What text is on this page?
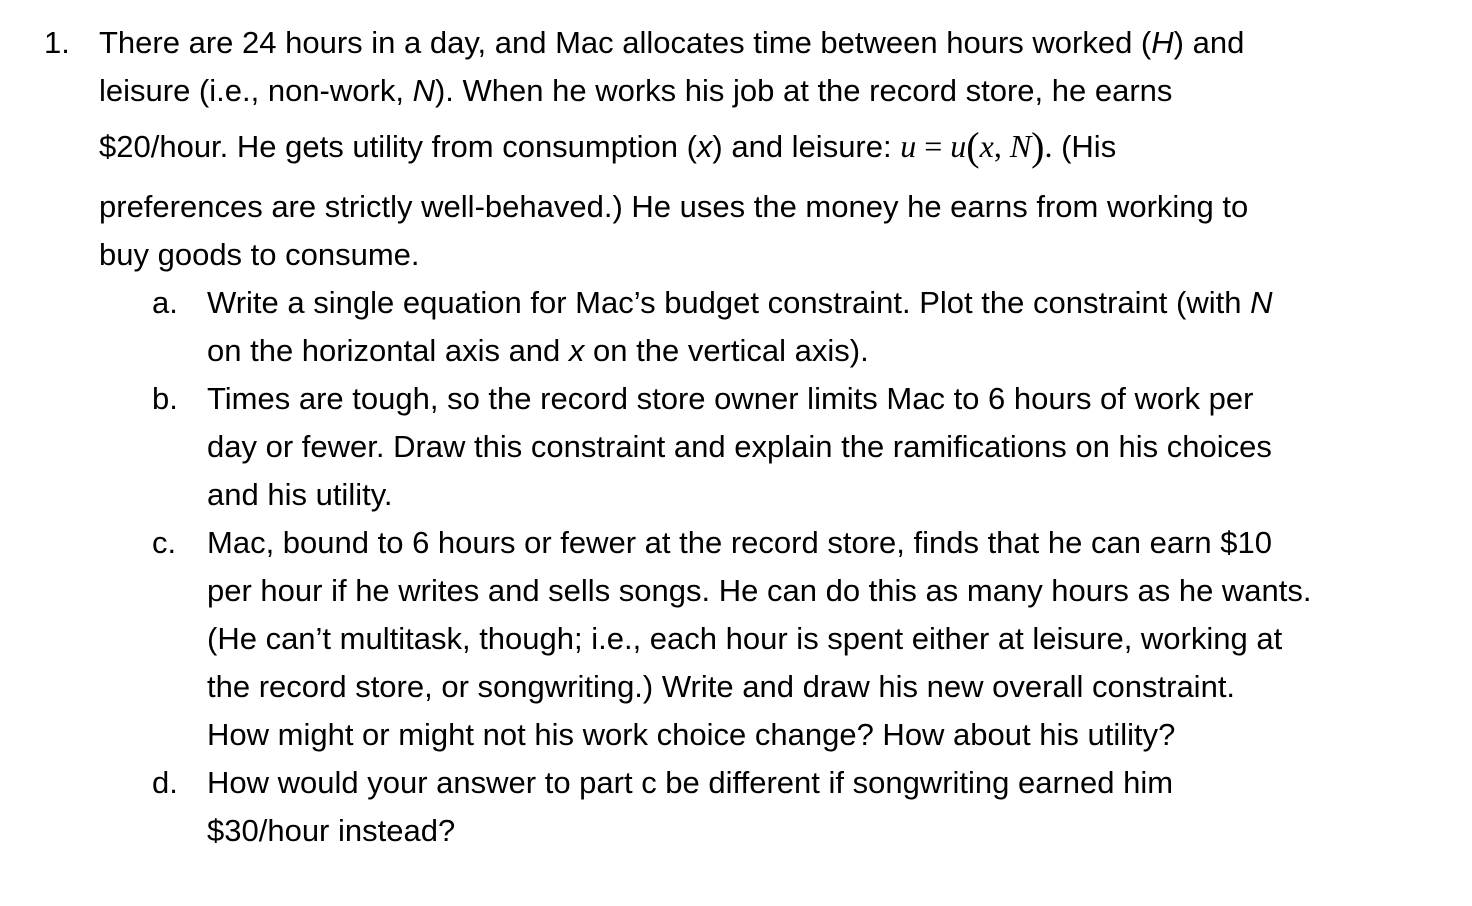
1. There are 24 hours in a day, and Mac allocates time between hours worked (H) and
leisure (i.e., non-work, N). When he works his job at the record store, he earns
$20/hour. He gets utility from consumption (x) and leisure: u = u(x, N). (His
preferences are strictly well-behaved.) He uses the money he earns from working to
buy goods to consume.
a. Write a single equation for Mac’s budget constraint. Plot the constraint (with N
on the horizontal axis and x on the vertical axis).
b. Times are tough, so the record store owner limits Mac to 6 hours of work per
day or fewer. Draw this constraint and explain the ramifications on his choices
and his utility.
c. Mac, bound to 6 hours or fewer at the record store, finds that he can earn $10
per hour if he writes and sells songs. He can do this as many hours as he wants.
(He can’t multitask, though; i.e., each hour is spent either at leisure, working at
the record store, or songwriting.) Write and draw his new overall constraint.
How might or might not his work choice change? How about his utility?
d. How would your answer to part c be different if songwriting earned him
$30/hour instead?
